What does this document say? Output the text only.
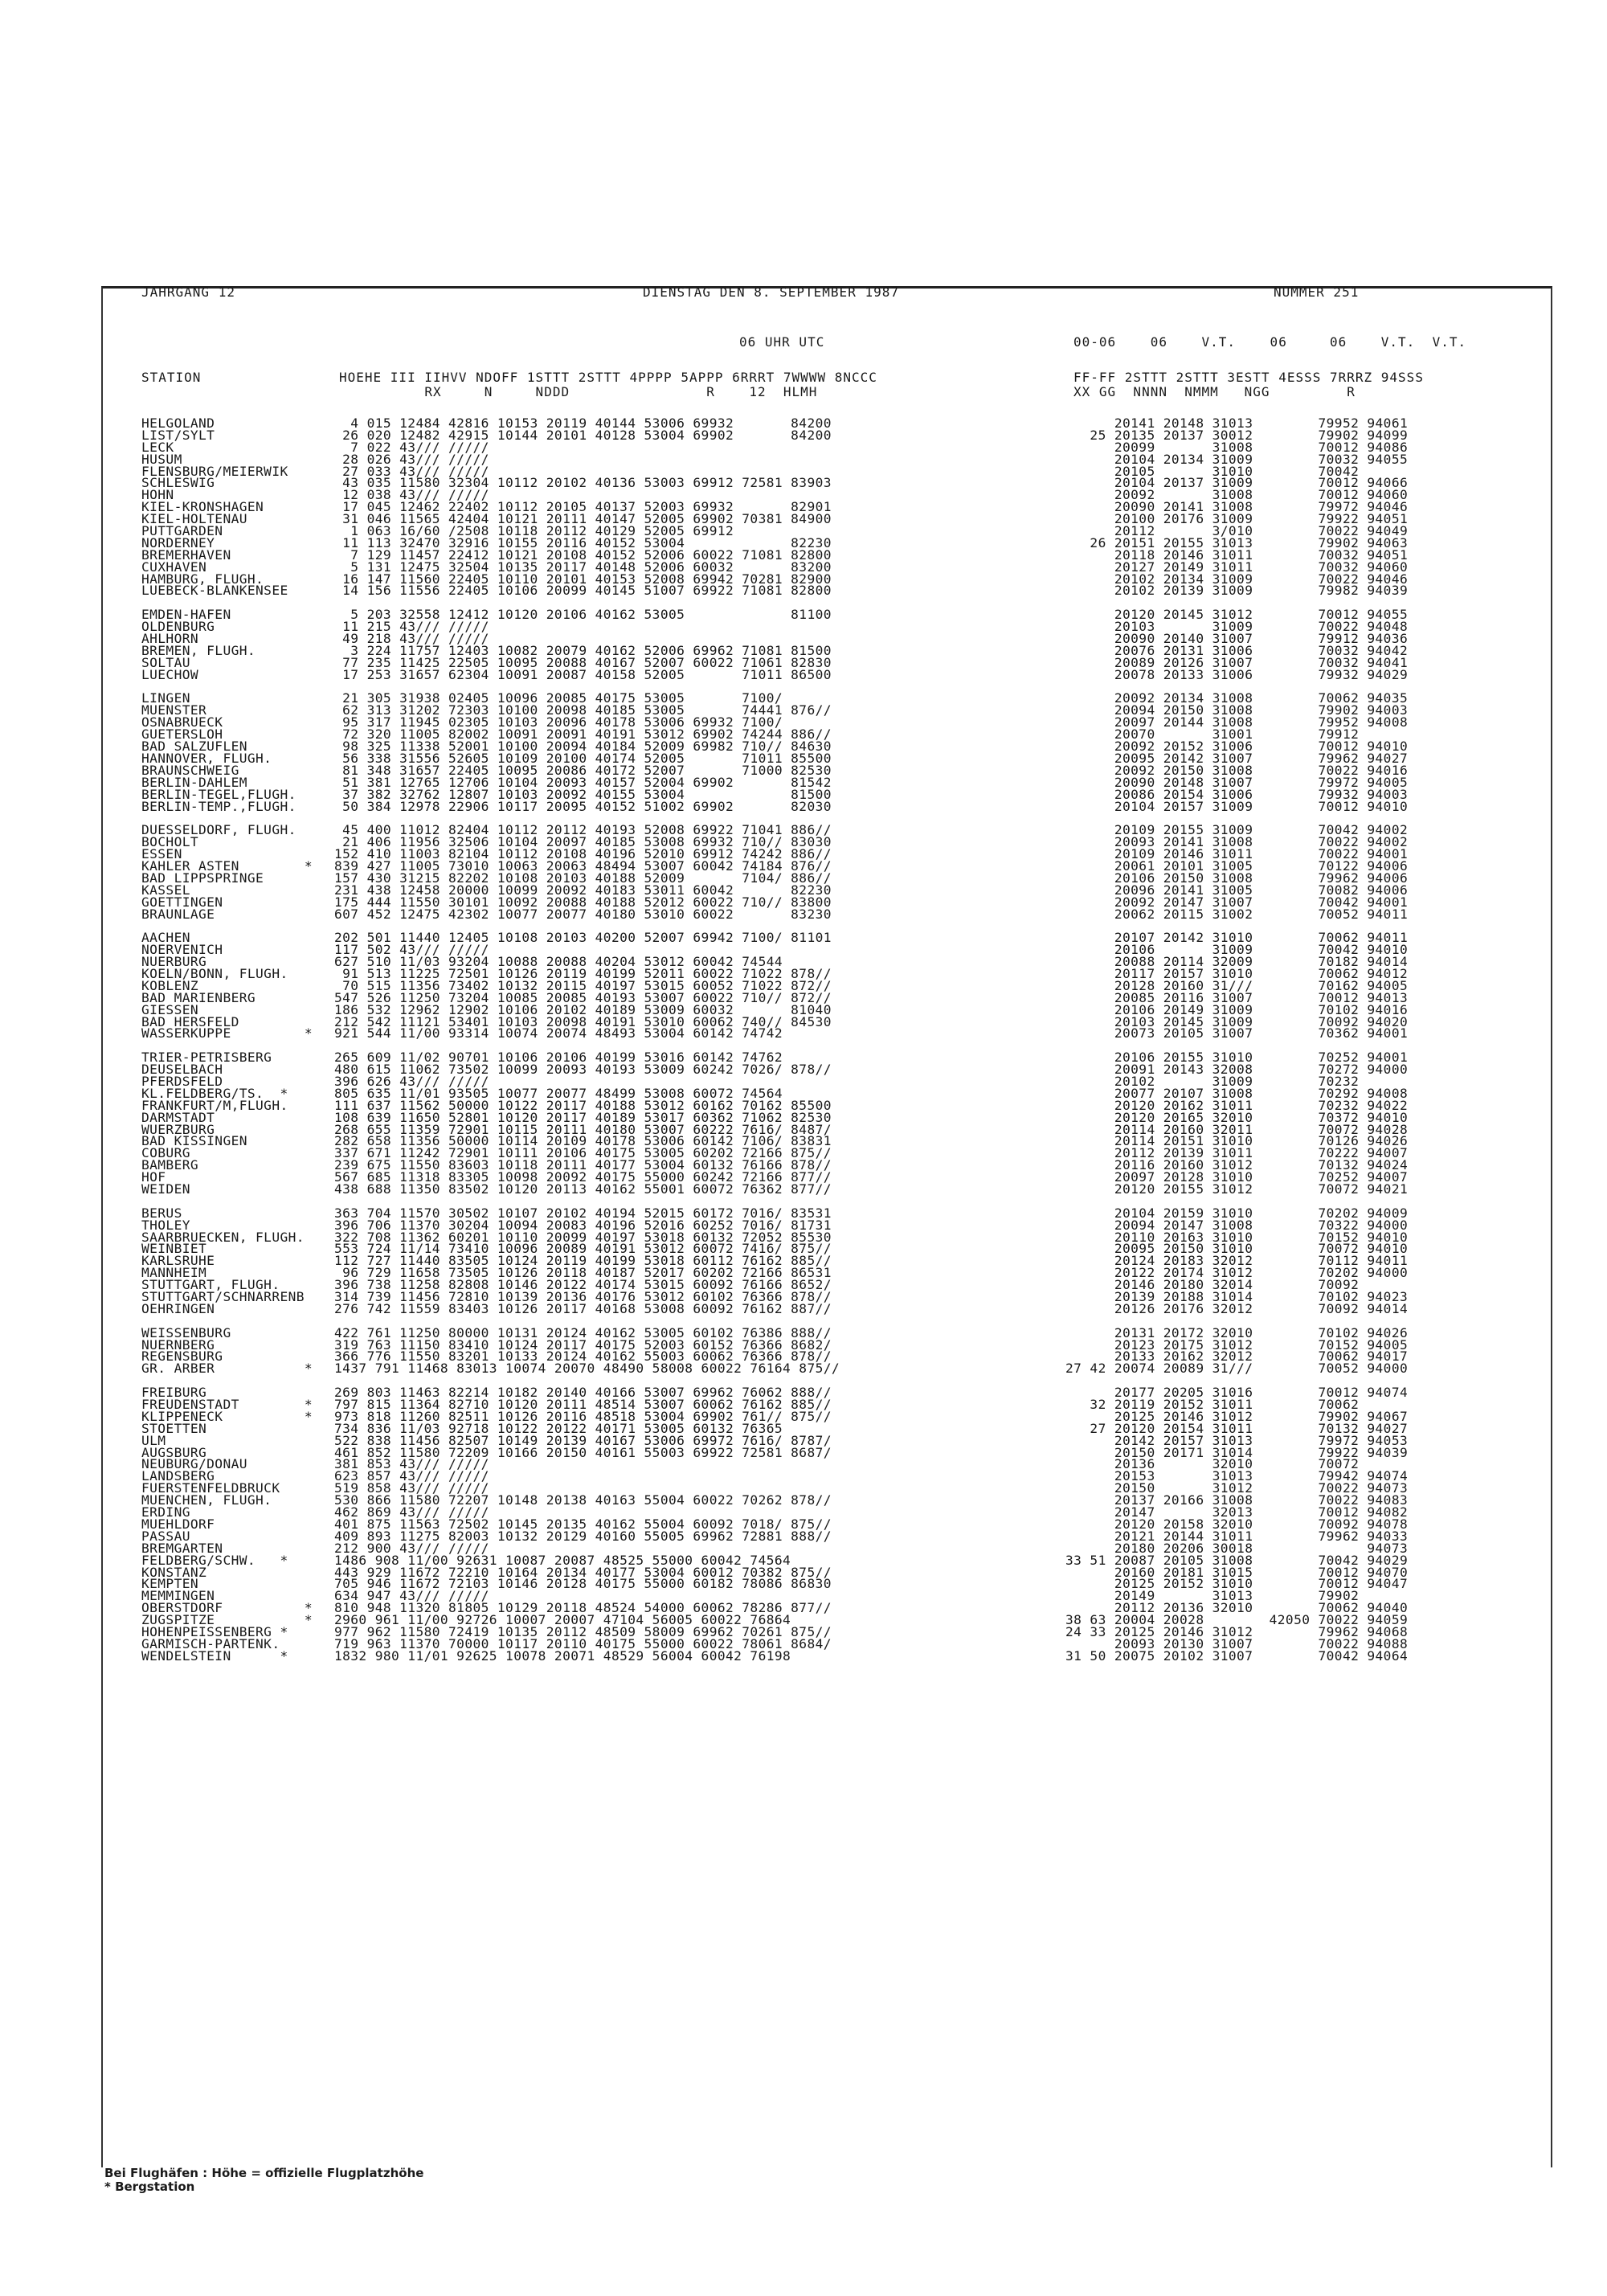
JAHRGANG 12	DIENSTAG DEN 8. SEPTEMBER 1987	NUMMER 251
06 UHR UTC	00-06    06    V.T.    06     06    V.T.  V.T.
STATION	HOEHE III IIHVV NDOFF 1STTT 2STTT 4PPPP 5APPP 6RRRT 7WWWW 8NCCC
RX     N     NDDD                R    12  HLMH
FF-FF 2STTT 2STTT 3ESTT 4ESSS 7RRRZ 94SSS
XX GG  NNNN  NMMM   NGG         R
HELGOLAND	4 015 12484 42816 10153 20119 40144 53006 69932       84200	20141 20148 31013        79952 94061
LIST/SYLT	26 020 12482 42915 10144 20101 40128 53004 69902       84200	25 20135 20137 30012        79902 94099
LECK	7 022 43/// /////	20099       31008        70012 94086
HUSUM	28 026 43/// /////	20104 20134 31009        70032 94055
FLENSBURG/MEIERWIK	27 033 43/// /////	20105       31010        70042
SCHLESWIG	43 035 11580 32304 10112 20102 40136 53003 69912 72581 83903	20104 20137 31009        70012 94066
HOHN	12 038 43/// /////	20092       31008        70012 94060
KIEL-KRONSHAGEN	17 045 12462 22402 10112 20105 40137 52003 69932       82901	20090 20141 31008        79972 94046
KIEL-HOLTENAU	31 046 11565 42404 10121 20111 40147 52005 69902 70381 84900	20100 20176 31009        79922 94051
PUTTGARDEN	1 063 16/60 /2508 10118 20112 40129 52005 69912	20112       3/010        70022 94049
NORDERNEY	11 113 32470 32916 10155 20116 40152 53004             82230	26 20151 20155 31013        79902 94063
BREMERHAVEN	7 129 11457 22412 10121 20108 40152 52006 60022 71081 82800	20118 20146 31011        70032 94051
CUXHAVEN	5 131 12475 32504 10135 20117 40148 52006 60032       83200	20127 20149 31011        70032 94060
HAMBURG, FLUGH.	16 147 11560 22405 10110 20101 40153 52008 69942 70281 82900	20102 20134 31009        70022 94046
LUEBECK-BLANKENSEE	14 156 11556 22405 10106 20099 40145 51007 69922 71081 82800	20102 20139 31009        79982 94039
EMDEN-HAFEN	5 203 32558 12412 10120 20106 40162 53005             81100	20120 20145 31012        70012 94055
OLDENBURG	11 215 43/// /////	20103       31009        70022 94048
AHLHORN	49 218 43/// /////	20090 20140 31007        79912 94036
BREMEN, FLUGH.	3 224 11757 12403 10082 20079 40162 52006 69962 71081 81500	20076 20131 31006        70032 94042
SOLTAU	77 235 11425 22505 10095 20088 40167 52007 60022 71061 82830	20089 20126 31007        70032 94041
LUECHOW	17 253 31657 62304 10091 20087 40158 52005       71011 86500	20078 20133 31006        79932 94029
LINGEN	21 305 31938 02405 10096 20085 40175 53005       7100/	20092 20134 31008        70062 94035
MUENSTER	62 313 31202 72303 10100 20098 40185 53005       74441 876//	20094 20150 31008        79902 94003
OSNABRUECK	95 317 11945 02305 10103 20096 40178 53006 69932 7100/	20097 20144 31008        79952 94008
GUETERSLOH	72 320 11005 82002 10091 20091 40191 53012 69902 74244 886//	20070       31001        79912
BAD SALZUFLEN	98 325 11338 52001 10100 20094 40184 52009 69982 710// 84630	20092 20152 31006        70012 94010
HANNOVER, FLUGH.	56 338 31556 52605 10109 20100 40174 52005       71011 85500	20095 20142 31007        79962 94027
BRAUNSCHWEIG	81 348 31657 22405 10095 20086 40172 52007       71000 82530	20092 20150 31008        70022 94016
BERLIN-DAHLEM	51 381 12765 12706 10104 20093 40157 52004 69902       81542	20090 20148 31007        79972 94005
BERLIN-TEGEL,FLUGH.	37 382 32762 12807 10103 20092 40155 53004             81500	20086 20154 31006        79932 94003
BERLIN-TEMP.,FLUGH.	50 384 12978 22906 10117 20095 40152 51002 69902       82030	20104 20157 31009        70012 94010
DUESSELDORF, FLUGH.	45 400 11012 82404 10112 20112 40193 52008 69922 71041 886//	20109 20155 31009        70042 94002
BOCHOLT	21 406 11956 32506 10104 20097 40185 53008 69932 710// 83030	20093 20141 31008        70022 94002
ESSEN	152 410 11003 82104 10112 20108 40196 52010 69912 74242 886//	20109 20146 31011        70022 94001
KAHLER ASTEN        * 839 427 11005 73010 10063 20063 48494 53007 60042 74184 876//	20061 20101 31005        70122 94006
BAD LIPPSPRINGE	157 430 31215 82202 10108 20103 40188 52009       7104/ 886//	20106 20150 31008        79962 94006
KASSEL	231 438 12458 20000 10099 20092 40183 53011 60042       82230	20096 20141 31005        70082 94006
GOETTINGEN	175 444 11550 30101 10092 20088 40188 52012 60022 710// 83800	20092 20147 31007        70042 94001
BRAUNLAGE	607 452 12475 42302 10077 20077 40180 53010 60022       83230	20062 20115 31002        70052 94011
AACHEN	202 501 11440 12405 10108 20103 40200 52007 69942 7100/ 81101	20107 20142 31010        70062 94011
NOERVENICH	117 502 43/// /////	20106       31009        70042 94010
NUERBURG	627 510 11/03 93204 10088 20088 40204 53012 60042 74544	20088 20114 32009        70182 94014
KOELN/BONN, FLUGH.	91 513 11225 72501 10126 20119 40199 52011 60022 71022 878//	20117 20157 31010        70062 94012
KOBLENZ	70 515 11356 73402 10132 20115 40197 53015 60052 71022 872//	20128 20160 31///        70162 94005
BAD MARIENBERG	547 526 11250 73204 10085 20085 40193 53007 60022 710// 872//	20085 20116 31007        70012 94013
GIESSEN	186 532 12962 12902 10106 20102 40189 53009 60032       81040	20106 20149 31009        70102 94016
BAD HERSFELD	212 542 11121 53401 10103 20098 40191 53010 60062 740// 84530	20103 20145 31009        70092 94020
WASSERKUPPE         * 921 544 11/00 93314 10074 20074 48493 53004 60142 74742	20073 20105 31007        70362 94001
TRIER-PETRISBERG	265 609 11/02 90701 10106 20106 40199 53016 60142 74762	20106 20155 31010        70252 94001
DEUSELBACH	480 615 11062 73502 10099 20093 40193 53009 60242 7026/ 878//	20091 20143 32008        70272 94000
PFERDSFELD	396 626 43/// /////	20102       31009        70232
KL.FELDBERG/TS.  *	805 635 11/01 93505 10077 20077 48499 53008 60072 74564	20077 20107 31008        70292 94008
FRANKFURT/M,FLUGH.	111 637 11562 50000 10122 20117 40188 53012 60162 70162 85500	20120 20162 31011        70232 94022
DARMSTADT	108 639 11650 52801 10120 20117 40189 53017 60362 71062 82530	20120 20165 32010        70372 94010
WUERZBURG	268 655 11359 72901 10115 20111 40180 53007 60222 7616/ 8487/	20114 20160 32011        70072 94028
BAD KISSINGEN	282 658 11356 50000 10114 20109 40178 53006 60142 7106/ 83831	20114 20151 31010        70126 94026
COBURG	337 671 11242 72901 10111 20106 40175 53005 60202 72166 875//	20112 20139 31011        70222 94007
BAMBERG	239 675 11550 83603 10118 20111 40177 53004 60132 76166 878//	20116 20160 31012        70132 94024
HOF	567 685 11318 83305 10098 20092 40175 55000 60242 72166 877//	20097 20128 31010        70252 94007
WEIDEN	438 688 11350 83502 10120 20113 40162 55001 60072 76362 877//	20120 20155 31012        70072 94021
BERUS	363 704 11570 30502 10107 20102 40194 52015 60172 7016/ 83531	20104 20159 31010        70202 94009
THOLEY	396 706 11370 30204 10094 20083 40196 52016 60252 7016/ 81731	20094 20147 31008        70322 94000
SAARBRUECKEN, FLUGH. 322 708 11362 60201 10110 20099 40197 53018 60132 72052 85530	20110 20163 31010        70152 94010
WEINBIET	553 724 11/14 73410 10096 20089 40191 53012 60072 7416/ 875//	20095 20150 31010        70072 94010
KARLSRUHE	112 727 11440 83505 10124 20119 40199 53018 60112 76162 885//	20124 20183 32012        70112 94011
MANNHEIM	96 729 11658 73505 10126 20118 40187 52017 60202 72166 86531	20122 20174 31012        70202 94000
STUTTGART, FLUGH.	396 738 11258 82808 10146 20122 40174 53015 60092 76166 8652/	20146 20180 32014        70092
STUTTGART/SCHNARRENB 314 739 11456 72810 10139 20136 40176 53012 60102 76366 878//	20139 20188 31014        70102 94023
OEHRINGEN	276 742 11559 83403 10126 20117 40168 53008 60092 76162 887//	20126 20176 32012        70092 94014
WEISSENBURG	422 761 11250 80000 10131 20124 40162 53005 60102 76386 888//	20131 20172 32010        70102 94026
NUERNBERG	319 763 11150 83410 10124 20117 40175 52003 60152 76366 8682/	20123 20175 31012        70152 94005
REGENSBURG	366 776 11550 83201 10133 20124 40162 55003 60062 76366 878//	20133 20162 32012        70062 94017
GR. ARBER           * 1437 791 11468 83013 10074 20070 48490 58008 60022 76164 875//	27 42 20074 20089 31///        70052 94000
FREIBURG	269 803 11463 82214 10182 20140 40166 53007 69962 76062 888//	20177 20205 31016        70012 94074
FREUDENSTADT        * 797 815 11364 82710 10120 20111 48514 53007 60062 76162 885//	32 20119 20152 31011        70062
KLIPPENECK          * 973 818 11260 82511 10126 20116 48518 53004 69902 761// 875//	20125 20146 31012        79902 94067
STOETTEN	734 836 11/03 92718 10122 20122 40171 53005 60132 76365	27 20120 20154 31011        70132 94027
ULM	522 838 11456 82507 10149 20139 40167 53006 69972 7616/ 8787/	20142 20157 31013        79972 94053
AUGSBURG	461 852 11580 72209 10166 20150 40161 55003 69922 72581 8687/	20150 20171 31014        79922 94039
NEUBURG/DONAU	381 853 43/// /////	20136       32010        70072
LANDSBERG	623 857 43/// /////	20153       31013        79942 94074
FUERSTENFELDBRUCK	519 858 43/// /////	20150       31012        70022 94073
MUENCHEN, FLUGH.	530 866 11580 72207 10148 20138 40163 55004 60022 70262 878//	20137 20166 31008        70022 94083
ERDING	462 869 43/// /////	20147       32013        70012 94082
MUEHLDORF	401 875 11563 72502 10145 20135 40162 55004 60092 7018/ 875//	20120 20158 32010        70092 94078
PASSAU	409 893 11275 82003 10132 20129 40160 55005 69962 72881 888//	20121 20144 31011        79962 94033
BREMGARTEN	212 900 43/// /////	20180 20206 30018              94073
FELDBERG/SCHW.   *	1486 908 11/00 92631 10087 20087 48525 55000 60042 74564	33 51 20087 20105 31008        70042 94029
KONSTANZ	443 929 11672 72210 10164 20134 40177 53004 60012 70382 875//	20160 20181 31015        70012 94070
KEMPTEN	705 946 11672 72103 10146 20128 40175 55000 60182 78086 86830	20125 20152 31010        70012 94047
MEMMINGEN	634 947 43/// /////	20149       31013        79902
OBERSTDORF          * 810 948 11320 81805 10129 20118 48524 54000 60062 78286 877//	20112 20136 32010        70062 94040
ZUGSPITZE           * 2960 961 11/00 92726 10007 20007 47104 56005 60022 76864	38 63 20004 20028        42050 70022 94059
HOHENPEISSENBERG *	977 962 11580 72419 10135 20112 48509 58009 69962 70261 875//	24 33 20125 20146 31012        79962 94068
GARMISCH-PARTENK.	719 963 11370 70000 10117 20110 40175 55000 60022 78061 8684/	20093 20130 31007        70022 94088
WENDELSTEIN      *	1832 980 11/01 92625 10078 20071 48529 56004 60042 76198	31 50 20075 20102 31007        70042 94064
Bei Flughäfen : Höhe = offizielle Flugplatzhöhe
* Bergstation
